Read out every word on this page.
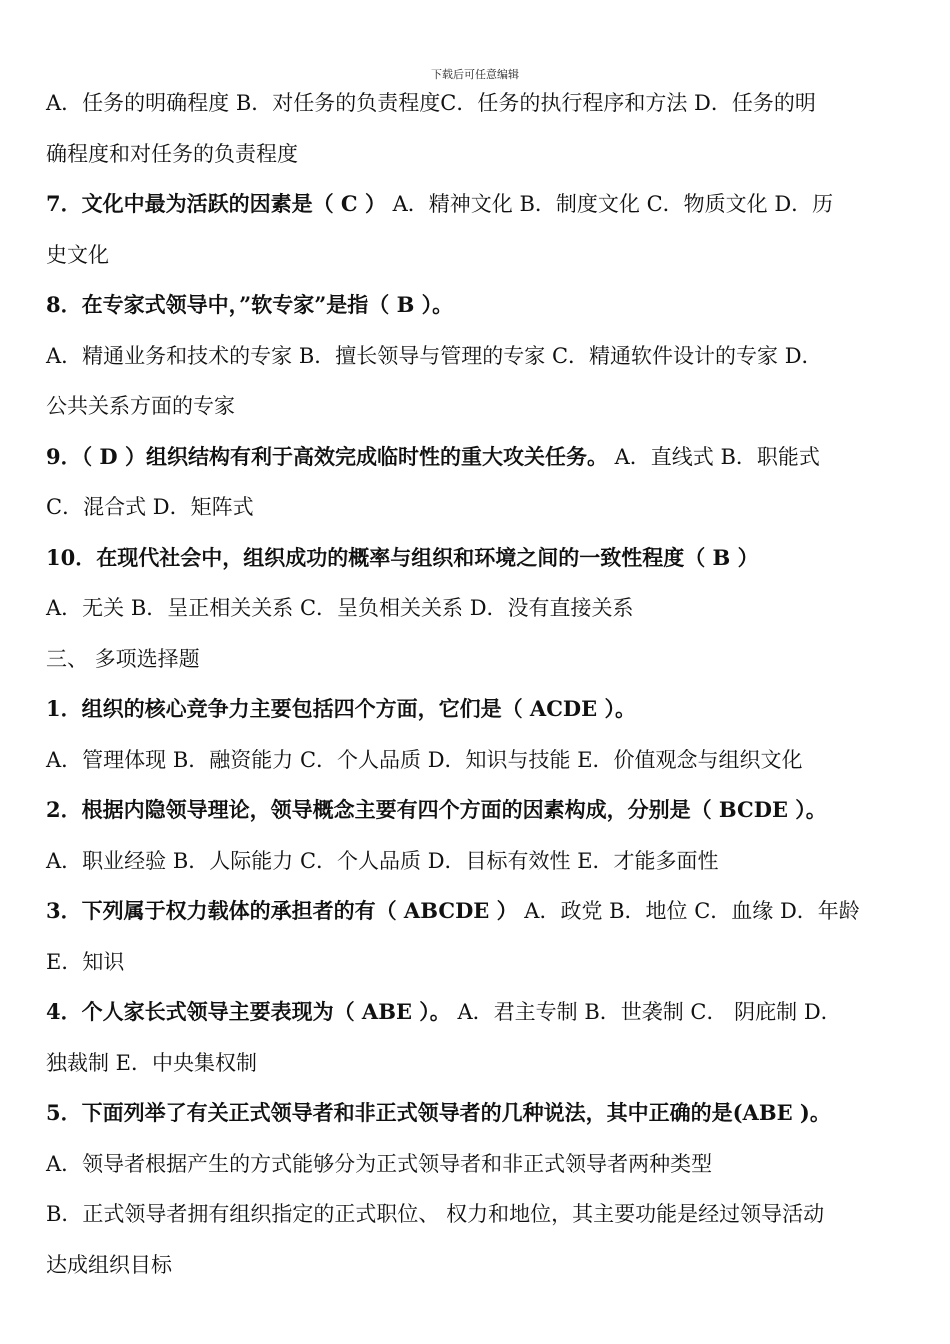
下载后可任意编辑
A．任务的明确程度 B．对任务的负责程度C．任务的执行程序和方法 D．任务的明
确程度和对任务的负责程度
7．文化中最为活跃的因素是（ C ） A．精神文化 B．制度文化 C．物质文化 D．历
史文化
8．在专家式领导中，”软专家”是指（ B ）。
A．精通业务和技术的专家 B．擅长领导与管理的专家 C．精通软件设计的专家 D．
公共关系方面的专家
9．（ D ）组织结构有利于高效完成临时性的重大攻关任务。 A．直线式 B．职能式
C．混合式 D．矩阵式
10．在现代社会中，组织成功的概率与组织和环境之间的一致性程度（ B ）
A．无关 B．呈正相关关系 C．呈负相关关系 D．没有直接关系
三、 多项选择题
1．组织的核心竞争力主要包括四个方面，它们是（ ACDE ）。
A．管理体现 B．融资能力 C．个人品质 D．知识与技能 E．价值观念与组织文化
2．根据内隐领导理论，领导概念主要有四个方面的因素构成，分别是（ BCDE ）。
A．职业经验 B．人际能力 C．个人品质 D．目标有效性 E．才能多面性
3．下列属于权力载体的承担者的有（ ABCDE ） A．政党 B．地位 C．血缘 D．年龄
E．知识
4．个人家长式领导主要表现为（ ABE ）。 A．君主专制 B．世袭制 C． 阴庇制 D．
独裁制 E．中央集权制
5．下面列举了有关正式领导者和非正式领导者的几种说法，其中正确的是(ABE )。
A．领导者根据产生的方式能够分为正式领导者和非正式领导者两种类型
B．正式领导者拥有组织指定的正式职位、 权力和地位，其主要功能是经过领导活动
达成组织目标
